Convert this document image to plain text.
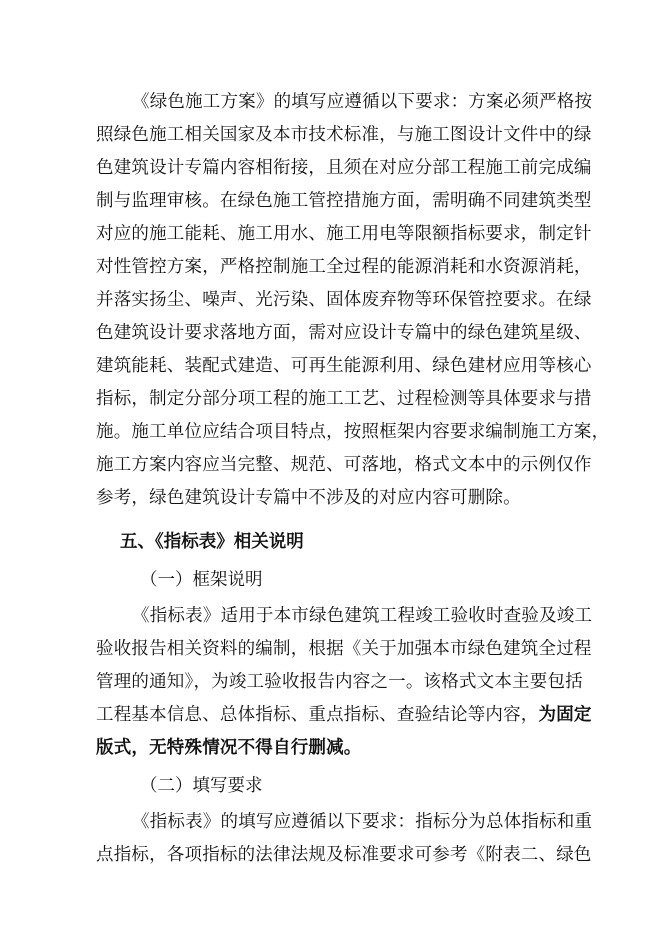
《绿色施工方案》的填写应遵循以下要求：方案必须严格按
照绿色施工相关国家及本市技术标准，与施工图设计文件中的绿
色建筑设计专篇内容相衔接，且须在对应分部工程施工前完成编
制与监理审核。在绿色施工管控措施方面，需明确不同建筑类型
对应的施工能耗、施工用水、施工用电等限额指标要求，制定针
对性管控方案，严格控制施工全过程的能源消耗和水资源消耗，
并落实扬尘、噪声、光污染、固体废弃物等环保管控要求。在绿
色建筑设计要求落地方面，需对应设计专篇中的绿色建筑星级、
建筑能耗、装配式建造、可再生能源利用、绿色建材应用等核心
指标，制定分部分项工程的施工工艺、过程检测等具体要求与措
施。施工单位应结合项目特点，按照框架内容要求编制施工方案，
施工方案内容应当完整、规范、可落地，格式文本中的示例仅作
参考，绿色建筑设计专篇中不涉及的对应内容可删除。
五、《指标表》相关说明
（一）框架说明
《指标表》适用于本市绿色建筑工程竣工验收时查验及竣工
验收报告相关资料的编制，根据《关于加强本市绿色建筑全过程
管理的通知》，为竣工验收报告内容之一。该格式文本主要包括
工程基本信息、总体指标、重点指标、查验结论等内容，为固定
版式，无特殊情况不得自行删减。
（二）填写要求
《指标表》的填写应遵循以下要求：指标分为总体指标和重
点指标，各项指标的法律法规及标准要求可参考《附表二、绿色
